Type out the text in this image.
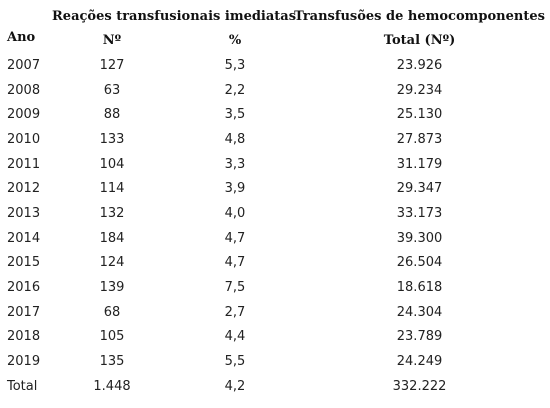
Ano	Reações transfusionais imediatas		Transfusões de hemocomponentes
	Nº	%	Total (Nº)
2007	127	5,3	23.926
2008	63	2,2	29.234
2009	88	3,5	25.130
2010	133	4,8	27.873
2011	104	3,3	31.179
2012	114	3,9	29.347
2013	132	4,0	33.173
2014	184	4,7	39.300
2015	124	4,7	26.504
2016	139	7,5	18.618
2017	68	2,7	24.304
2018	105	4,4	23.789
2019	135	5,5	24.249
Total	1.448	4,2	332.222
